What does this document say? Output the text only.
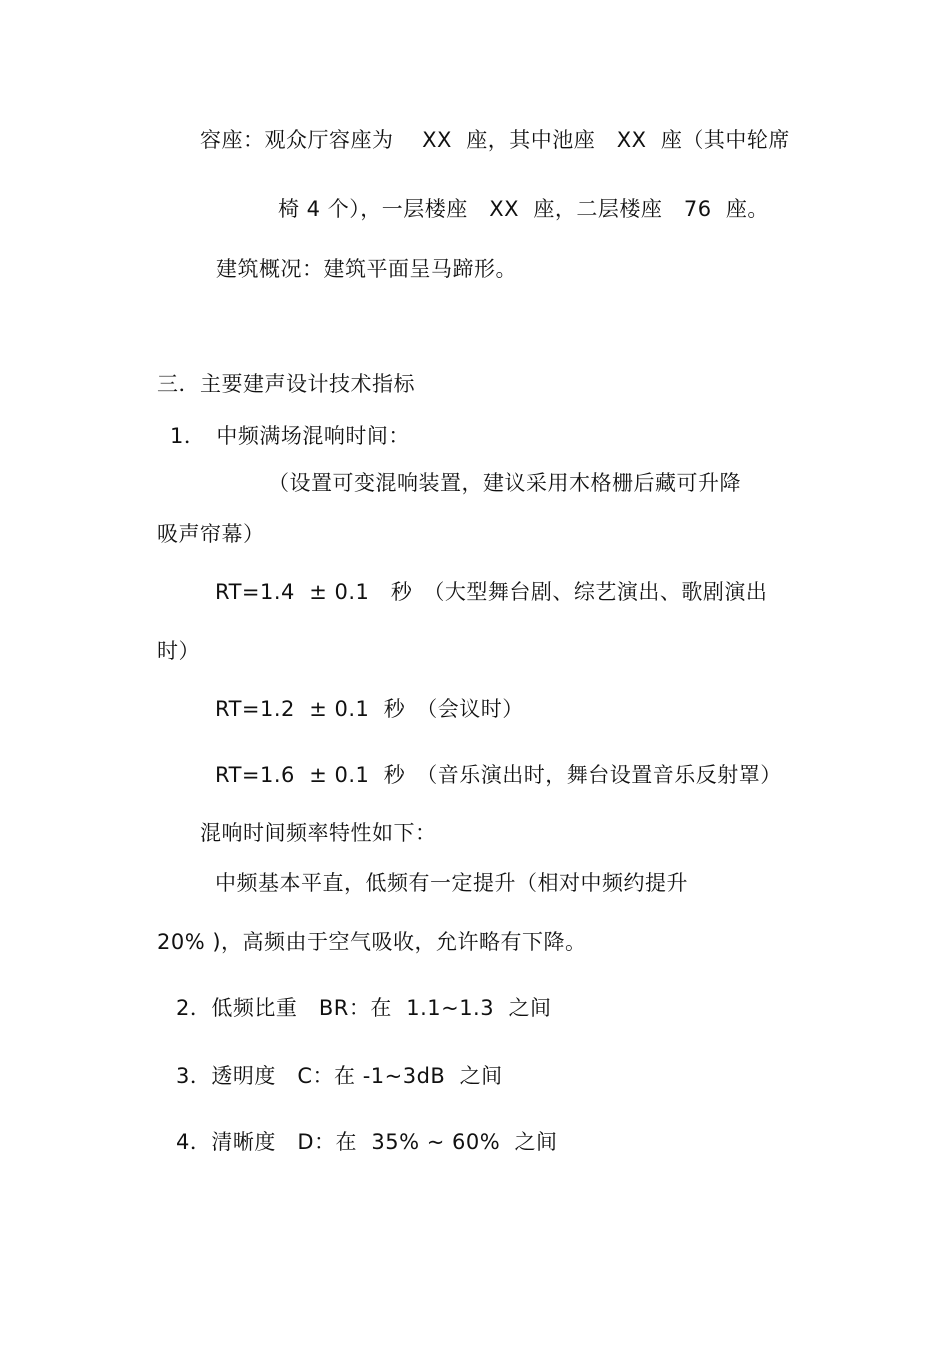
容座：观众厅容座为　 XX  座，其中池座　XX  座（其中轮席
椅 4 个），一层楼座　XX  座，二层楼座　76  座。
建筑概况：建筑平面呈马蹄形。
三．主要建声设计技术指标
1．　中频满场混响时间：
（设置可变混响装置，建议采用木格栅后藏可升降
吸声帘幕）
RT=1.4  ± 0.1   秒　（大型舞台剧、综艺演出、歌剧演出
时）
RT=1.2  ± 0.1  秒　（会议时）
RT=1.6  ± 0.1  秒　（音乐演出时，舞台设置音乐反射罩）
混响时间频率特性如下：
中频基本平直，低频有一定提升（相对中频约提升
20% )，高频由于空气吸收，允许略有下降。
2．低频比重　BR：在  1.1~1.3  之间
3．透明度　C：在 -1~3dB  之间
4．清晰度　D：在  35% ~ 60%  之间
